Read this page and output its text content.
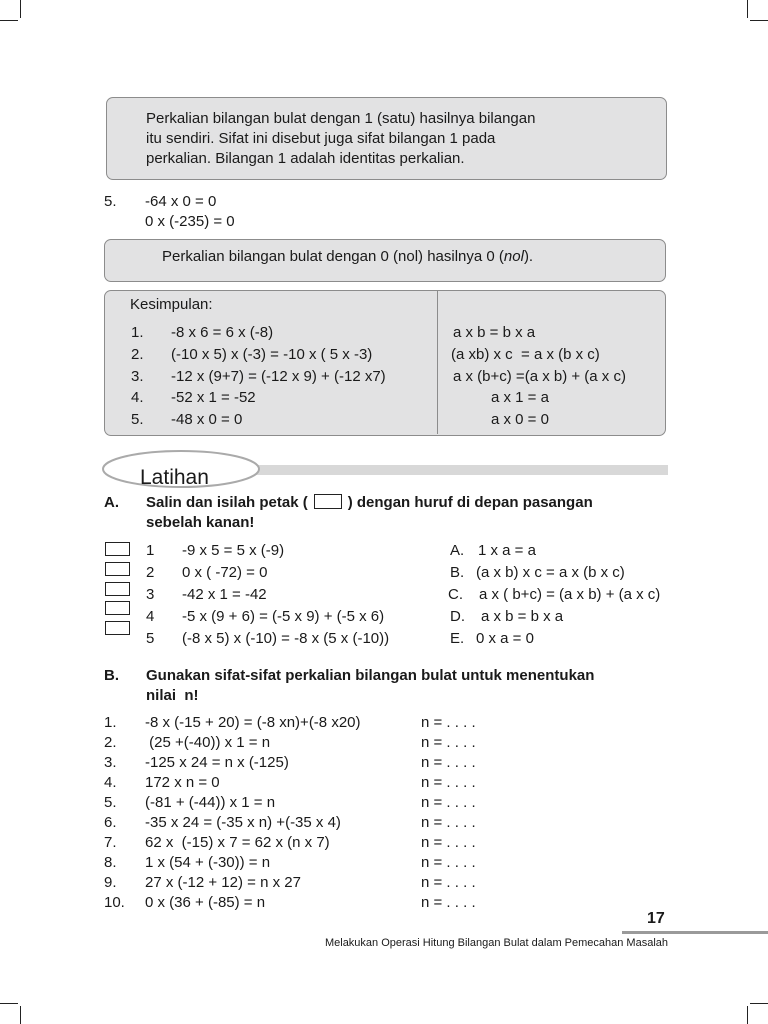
Perkalian bilangan bulat dengan 1 (satu) hasilnya bilangan
itu sendiri. Sifat ini disebut juga sifat bilangan 1 pada
perkalian. Bilangan 1 adalah identitas perkalian.
5. -64 x 0 = 0
0 x (-235) = 0
Perkalian bilangan bulat dengan 0 (nol) hasilnya 0 (nol).
Kesimpulan:
1. -8 x 6 = 6 x (-8)	a x b = b x a
2. (-10 x 5) x (-3) = -10 x ( 5 x -3)	(a xb) x c  = a x (b x c)
3. -12 x (9+7) = (-12 x 9) + (-12 x7)	a x (b+c) =(a x b) + (a x c)
4. -52 x 1 = -52	a x 1 = a
5. -48 x 0 = 0	a x 0 = 0
Latihan
A. Salin dan isilah petak (	) dengan huruf di depan pasangan
sebelah kanan!
1 -9 x 5 = 5 x (-9)
2 0 x ( -72) = 0
3 -42 x 1 = -42
4 -5 x (9 + 6) = (-5 x 9) + (-5 x 6)
5 (-8 x 5) x (-10) = -8 x (5 x (-10))
A. 1 x a = a
B. (a x b) x c = a x (b x c)
C. a x ( b+c) = (a x b) + (a x c)
D. a x b = b x a
E. 0 x a = 0
B. Gunakan sifat-sifat perkalian bilangan bulat untuk menentukan
nilai  n!
1. -8 x (-15 + 20) = (-8 xn)+(-8 x20)	n = . . . .
2. (25 +(-40)) x 1 = n	n = . . . .
3. -125 x 24 = n x (-125)	n = . . . .
4. 172 x n = 0	n = . . . .
5. (-81 + (-44)) x 1 = n	n = . . . .
6. -35 x 24 = (-35 x n) +(-35 x 4)	n = . . . .
7. 62 x  (-15) x 7 = 62 x (n x 7)	n = . . . .
8. 1 x (54 + (-30)) = n	n = . . . .
9. 27 x (-12 + 12) = n x 27	n = . . . .
10. 0 x (36 + (-85) = n	n = . . . .
17
Melakukan Operasi Hitung Bilangan Bulat dalam Pemecahan Masalah
